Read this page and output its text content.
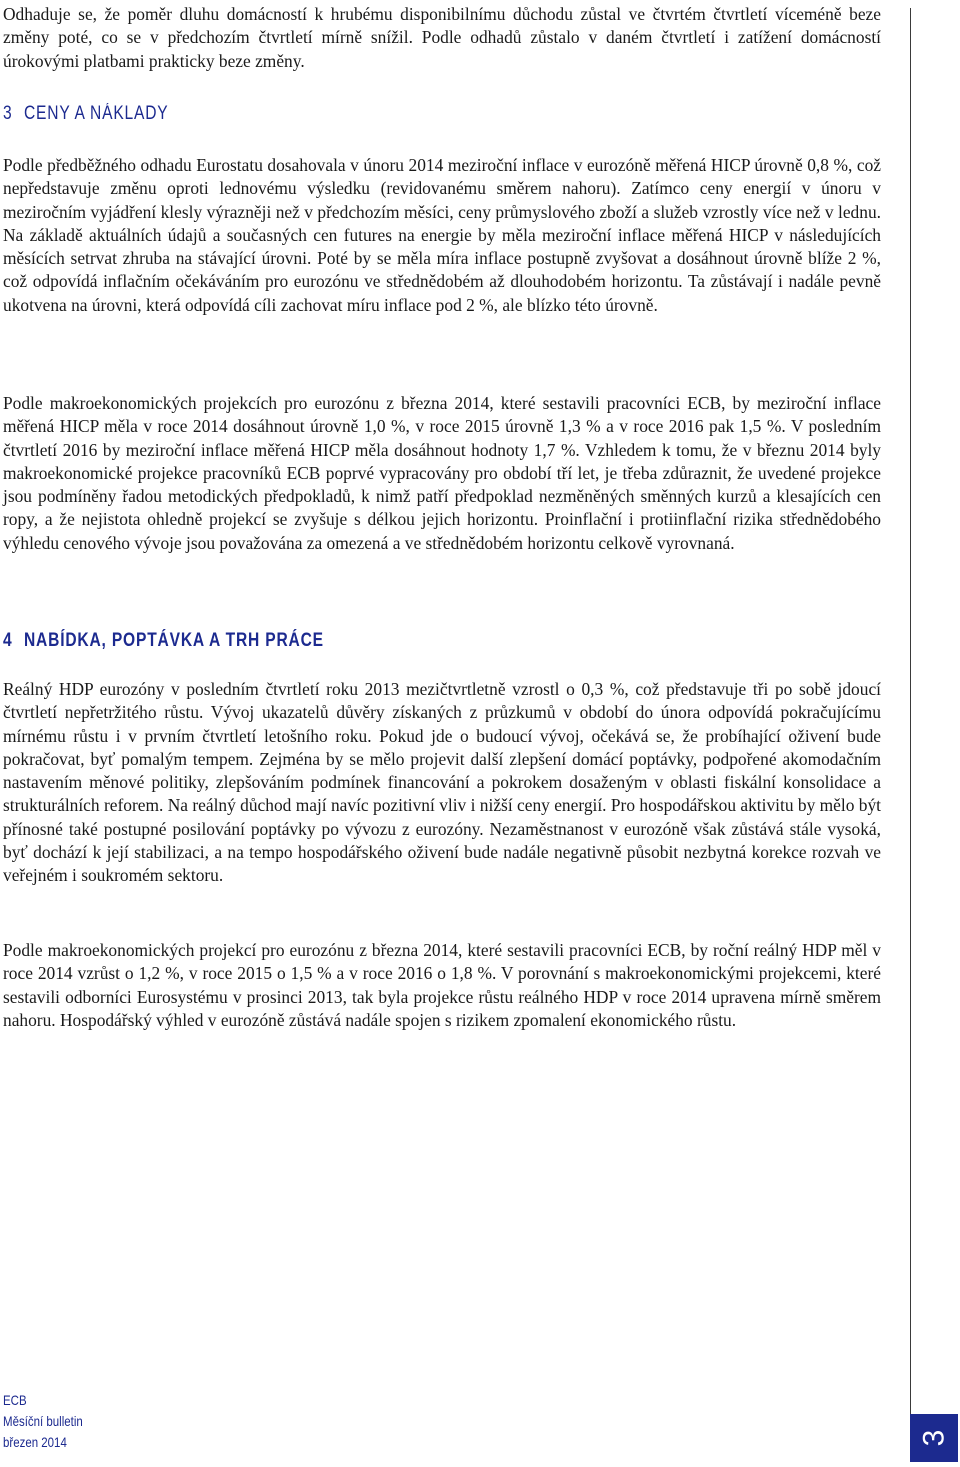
Odhaduje se, že poměr dluhu domácností k hrubému disponibilnímu důchodu zůstal ve čtvrtém čtvrtletí víceméně beze změny poté, co se v předchozím čtvrtletí mírně snížil. Podle odhadů zůstalo v daném čtvrtletí i zatížení domácností úrokovými platbami prakticky beze změny.

3 CENY A NÁKLADY

Podle předběžného odhadu Eurostatu dosahovala v únoru 2014 meziroční inflace v eurozóně měřená HICP úrovně 0,8 %, což nepředstavuje změnu oproti lednovému výsledku (revidovanému směrem nahoru). Zatímco ceny energií v únoru v meziročním vyjádření klesly výrazněji než v předchozím měsíci, ceny průmyslového zboží a služeb vzrostly více než v lednu. Na základě aktuálních údajů a současných cen futures na energie by měla meziroční inflace měřená HICP v následujících měsících setrvat zhruba na stávající úrovni. Poté by se měla míra inflace postupně zvyšovat a dosáhnout úrovně blíže 2 %, což odpovídá inflačním očekáváním pro eurozónu ve střednědobém až dlouhodobém horizontu. Ta zůstávají i nadále pevně ukotvena na úrovni, která odpovídá cíli zachovat míru inflace pod 2 %, ale blízko této úrovně.

Podle makroekonomických projekcích pro eurozónu z března 2014, které sestavili pracovníci ECB, by meziroční inflace měřená HICP měla v roce 2014 dosáhnout úrovně 1,0 %, v roce 2015 úrovně 1,3 % a v roce 2016 pak 1,5 %. V posledním čtvrtletí 2016 by meziroční inflace měřená HICP měla dosáhnout hodnoty 1,7 %. Vzhledem k tomu, že v březnu 2014 byly makroekonomické projekce pracovníků ECB poprvé vypracovány pro období tří let, je třeba zdůraznit, že uvedené projekce jsou podmíněny řadou metodických předpokladů, k nimž patří předpoklad nezměněných směnných kurzů a klesajících cen ropy, a že nejistota ohledně projekcí se zvyšuje s délkou jejich horizontu. Proinflační i protiinflační rizika střednědobého výhledu cenového vývoje jsou považována za omezená a ve střednědobém horizontu celkově vyrovnaná.

4 NABÍDKA, POPTÁVKA A TRH PRÁCE

Reálný HDP eurozóny v posledním čtvrtletí roku 2013 mezičtvrtletně vzrostl o 0,3 %, což představuje tři po sobě jdoucí čtvrtletí nepřetržitého růstu. Vývoj ukazatelů důvěry získaných z průzkumů v období do února odpovídá pokračujícímu mírnému růstu i v prvním čtvrtletí letošního roku. Pokud jde o budoucí vývoj, očekává se, že probíhající oživení bude pokračovat, byť pomalým tempem. Zejména by se mělo projevit další zlepšení domácí poptávky, podpořené akomodačním nastavením měnové politiky, zlepšováním podmínek financování a pokrokem dosaženým v oblasti fiskální konsolidace a strukturálních reforem. Na reálný důchod mají navíc pozitivní vliv i nižší ceny energií. Pro hospodářskou aktivitu by mělo být přínosné také postupné posilování poptávky po vývozu z eurozóny. Nezaměstnanost v eurozóně však zůstává stále vysoká, byť dochází k její stabilizaci, a na tempo hospodářského oživení bude nadále negativně působit nezbytná korekce rozvah ve veřejném i soukromém sektoru.

Podle makroekonomických projekcí pro eurozónu z března 2014, které sestavili pracovníci ECB, by roční reálný HDP měl v roce 2014 vzrůst o 1,2 %, v roce 2015 o 1,5 % a v roce 2016 o 1,8 %. V porovnání s makroekonomickými projekcemi, které sestavili odborníci Eurosystému v prosinci 2013, tak byla projekce růstu reálného HDP v roce 2014 upravena mírně směrem nahoru. Hospodářský výhled v eurozóně zůstává nadále spojen s rizikem zpomalení ekonomického růstu.

ECB
Měsíční bulletin
březen 2014	3
